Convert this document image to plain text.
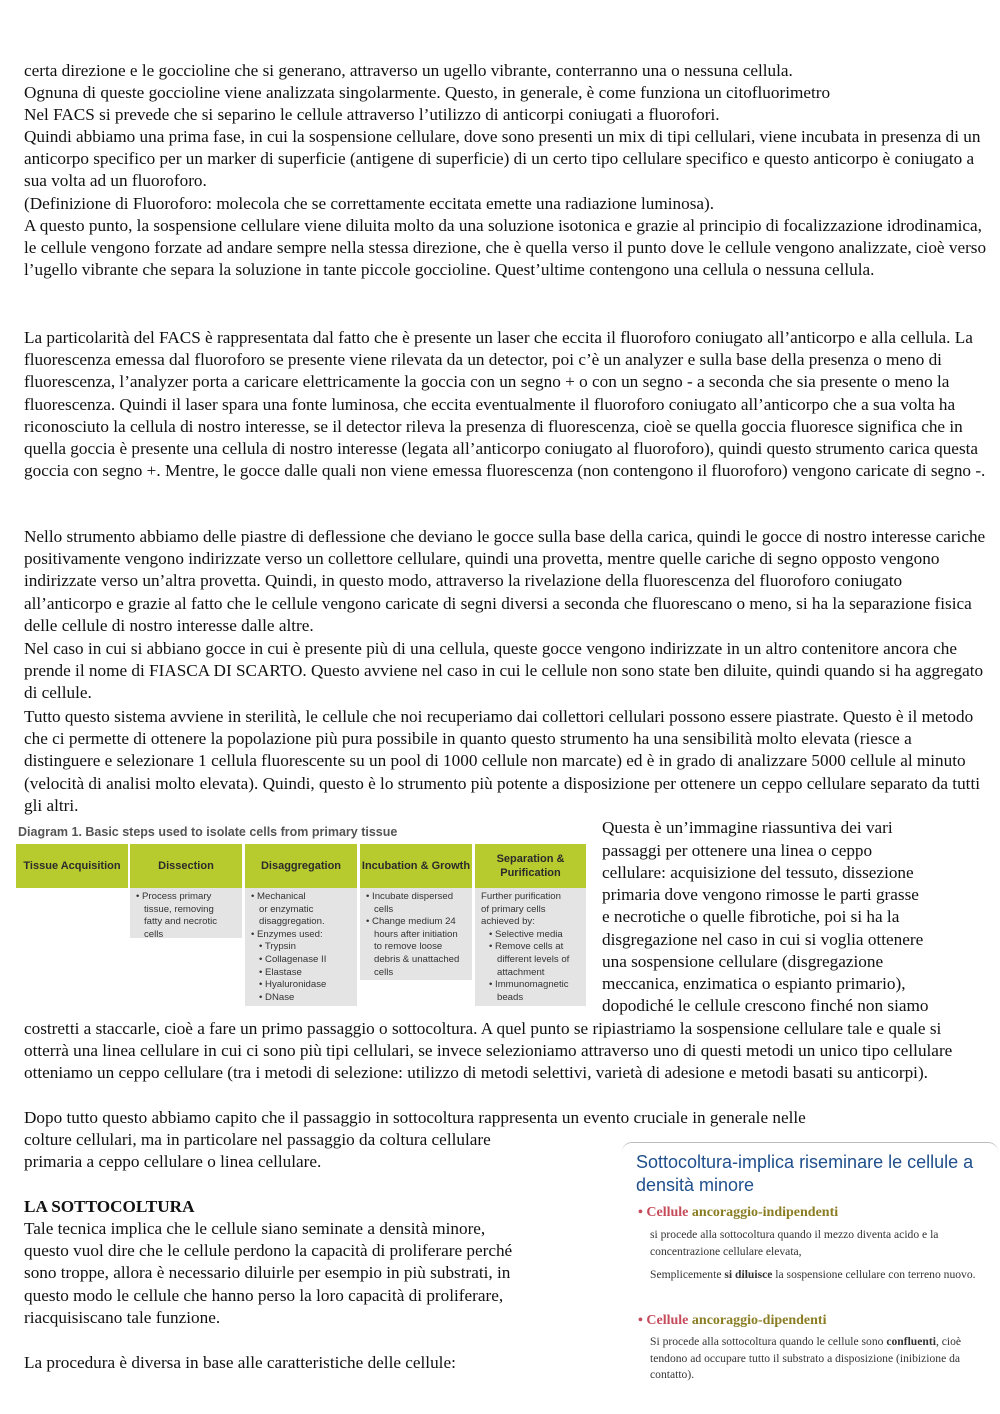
certa direzione e le goccioline che si generano, attraverso un ugello vibrante, conterranno una o nessuna cellula.

Ognuna di queste goccioline viene analizzata singolarmente. Questo, in generale, è come funziona un citofluorimetro

Nel FACS si prevede che si separino le cellule attraverso l’utilizzo di anticorpi coniugati a fluorofori.

Quindi abbiamo una prima fase, in cui la sospensione cellulare, dove sono presenti un mix di tipi cellulari, viene incubata in presenza di un anticorpo specifico per un marker di superficie (antigene di superficie) di un certo tipo cellulare specifico e questo anticorpo è coniugato a sua volta ad un fluoroforo.

(Definizione di Fluoroforo: molecola che se correttamente eccitata emette una radiazione luminosa).

A questo punto, la sospensione cellulare viene diluita molto da una soluzione isotonica e grazie al principio di focalizzazione idrodinamica, le cellule vengono forzate ad andare sempre nella stessa direzione, che è quella verso il punto dove le cellule vengono analizzate, cioè verso l’ugello vibrante che separa la soluzione in tante piccole goccioline. Quest’ultime contengono una cellula o nessuna cellula.

La particolarità del FACS è rappresentata dal fatto che è presente un laser che eccita il fluoroforo coniugato all’anticorpo e alla cellula. La fluorescenza emessa dal fluoroforo se presente viene rilevata da un detector, poi c’è un analyzer e sulla base della presenza o meno di fluorescenza, l’analyzer porta a caricare elettricamente la goccia con un segno + o con un segno - a seconda che sia presente o meno la fluorescenza. Quindi il laser spara una fonte luminosa, che eccita eventualmente il fluoroforo coniugato all’anticorpo che a sua volta ha riconosciuto la cellula di nostro interesse, se il detector rileva la presenza di fluorescenza, cioè se quella goccia fluoresce significa che in quella goccia è presente una cellula di nostro interesse (legata all’anticorpo coniugato al fluoroforo), quindi questo strumento carica questa goccia con segno +. Mentre, le gocce dalle quali non viene emessa fluorescenza (non contengono il fluoroforo) vengono caricate di segno -.

Nello strumento abbiamo delle piastre di deflessione che deviano le gocce sulla base della carica, quindi le gocce di nostro interesse cariche positivamente vengono indirizzate verso un collettore cellulare, quindi una provetta, mentre quelle cariche di segno opposto vengono indirizzate verso un’altra provetta. Quindi, in questo modo, attraverso la rivelazione della fluorescenza del fluoroforo coniugato all’anticorpo e grazie al fatto che le cellule vengono caricate di segni diversi a seconda che fluorescano o meno, si ha la separazione fisica delle cellule di nostro interesse dalle altre.

Nel caso in cui si abbiano gocce in cui è presente più di una cellula, queste gocce vengono indirizzate in un altro contenitore ancora che prende il nome di FIASCA DI SCARTO. Questo avviene nel caso in cui le cellule non sono state ben diluite, quindi quando si ha aggregato di cellule.

Tutto questo sistema avviene in sterilità, le cellule che noi recuperiamo dai collettori cellulari possono essere piastrate. Questo è il metodo che ci permette di ottenere la popolazione più pura possibile in quanto questo strumento ha una sensibilità molto elevata (riesce a distinguere e selezionare 1 cellula fluorescente su un pool di 1000 cellule non marcate) ed è in grado di analizzare 5000 cellule al minuto (velocità di analisi molto elevata). Quindi, questo è lo strumento più potente a disposizione per ottenere un ceppo cellulare separato da tutti gli altri.

Diagram 1. Basic steps used to isolate cells from primary tissue
Tissue Acquisition	Dissection
• Process primary
tissue, removing
fatty and necrotic
cells
Disaggregation
• Mechanical
or enzymatic
disaggregation.
• Enzymes used:
• Trypsin
• Collagenase II
• Elastase
• Hyaluronidase
• DNase
Incubation & Growth
• Incubate dispersed
cells
• Change medium 24
hours after initiation
to remove loose
debris & unattached
cells
Separation & Purification
Further purification
of primary cells
achieved by:
• Selective media
• Remove cells at
different levels of
attachment
• Immunomagnetic
beads
Questa è un’immagine riassuntiva dei vari
passaggi per ottenere una linea o ceppo
cellulare: acquisizione del tessuto, dissezione
primaria dove vengono rimosse le parti grasse
e necrotiche o quelle fibrotiche, poi si ha la
disgregazione nel caso in cui si voglia ottenere
una sospensione cellulare (disgregazione
meccanica, enzimatica o espianto primario),
dopodiché le cellule crescono finché non siamo

costretti a staccarle, cioè a fare un primo passaggio o sottocoltura. A quel punto se ripiastriamo la sospensione cellulare tale e quale si otterrà una linea cellulare in cui ci sono più tipi cellulari, se invece selezioniamo attraverso uno di questi metodi un unico tipo cellulare otteniamo un ceppo cellulare (tra i metodi di selezione: utilizzo di metodi selettivi, varietà di adesione e metodi basati su anticorpi).

Dopo tutto questo abbiamo capito che il passaggio in sottocoltura rappresenta un evento cruciale in generale nelle

colture cellulari, ma in particolare nel passaggio da coltura cellulare
primaria a ceppo cellulare o linea cellulare.
LA SOTTOCOLTURA
Tale tecnica implica che le cellule siano seminate a densità minore,
questo vuol dire che le cellule perdono la capacità di proliferare perché
sono troppe, allora è necessario diluirle per esempio in più substrati, in
questo modo le cellule che hanno perso la loro capacità di proliferare,
riacquisiscano tale funzione.
La procedura è diversa in base alle caratteristiche delle cellule:
Sottocoltura-implica riseminare le cellule a densità minore
• Cellule ancoraggio-indipendenti

si procede alla sottocoltura quando il mezzo diventa acido e la concentrazione cellulare elevata,

Semplicemente si diluisce la sospensione cellulare con terreno nuovo.

• Cellule ancoraggio-dipendenti

Si procede alla sottocoltura quando le cellule sono confluenti, cioè tendono ad occupare tutto il substrato a disposizione (inibizione da contatto).
